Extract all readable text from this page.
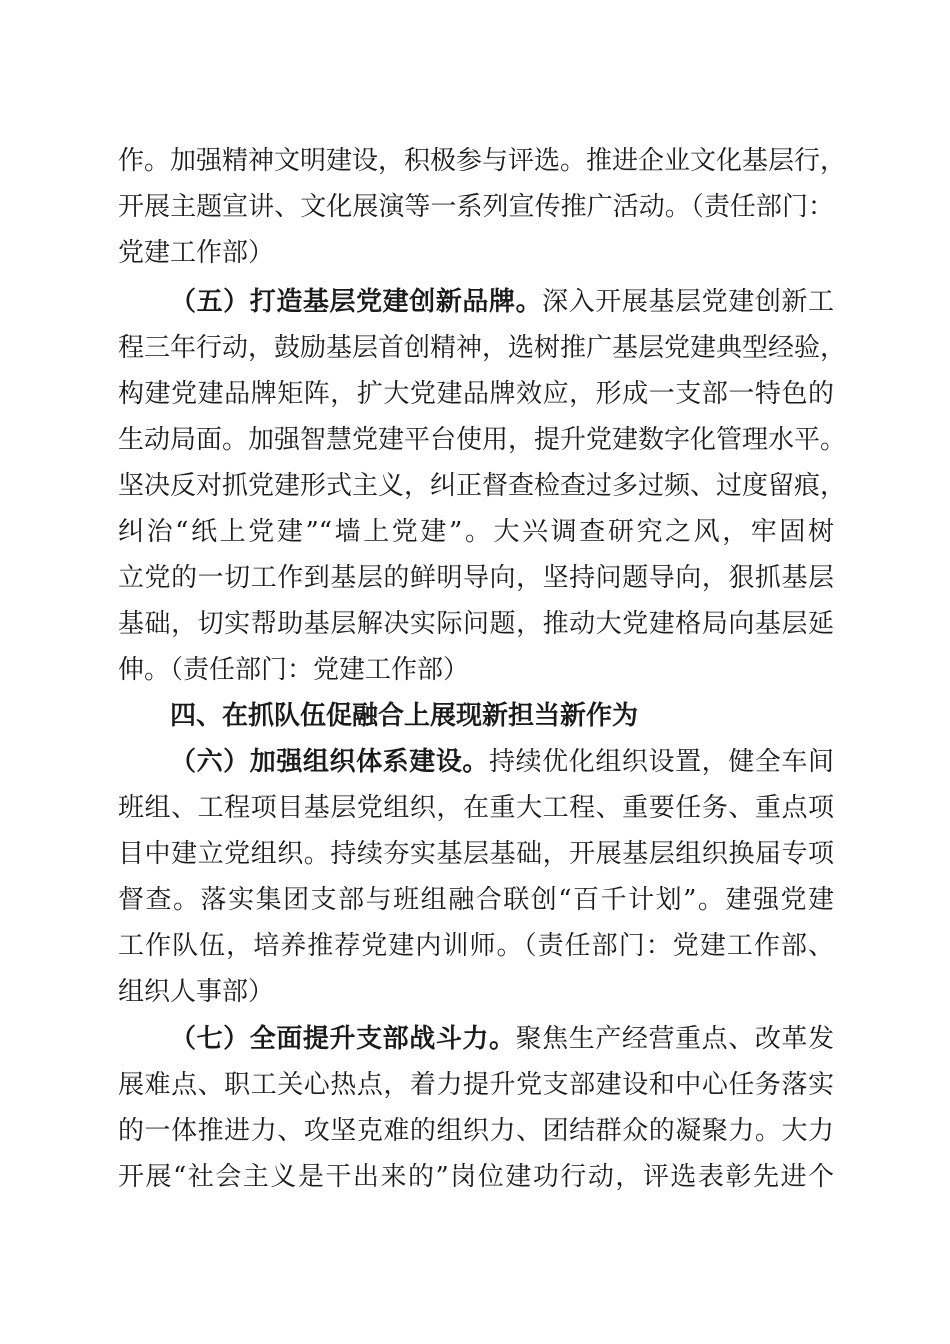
作。加强精神文明建设，积极参与评选。推进企业文化基层行，
开展主题宣讲、文化展演等一系列宣传推广活动。（责任部门：
党建工作部）
（五）打造基层党建创新品牌。深入开展基层党建创新工
程三年行动，鼓励基层首创精神，选树推广基层党建典型经验，
构建党建品牌矩阵，扩大党建品牌效应，形成一支部一特色的
生动局面。加强智慧党建平台使用，提升党建数字化管理水平。
坚决反对抓党建形式主义，纠正督查检查过多过频、过度留痕，
纠治“纸上党建”“墙上党建”。大兴调查研究之风，牢固树
立党的一切工作到基层的鲜明导向，坚持问题导向，狠抓基层
基础，切实帮助基层解决实际问题，推动大党建格局向基层延
伸。（责任部门：党建工作部）
四、在抓队伍促融合上展现新担当新作为
（六）加强组织体系建设。持续优化组织设置，健全车间
班组、工程项目基层党组织，在重大工程、重要任务、重点项
目中建立党组织。持续夯实基层基础，开展基层组织换届专项
督查。落实集团支部与班组融合联创“百千计划”。建强党建
工作队伍，培养推荐党建内训师。（责任部门：党建工作部、
组织人事部）
（七）全面提升支部战斗力。聚焦生产经营重点、改革发
展难点、职工关心热点，着力提升党支部建设和中心任务落实
的一体推进力、攻坚克难的组织力、团结群众的凝聚力。大力
开展“社会主义是干出来的”岗位建功行动，评选表彰先进个
